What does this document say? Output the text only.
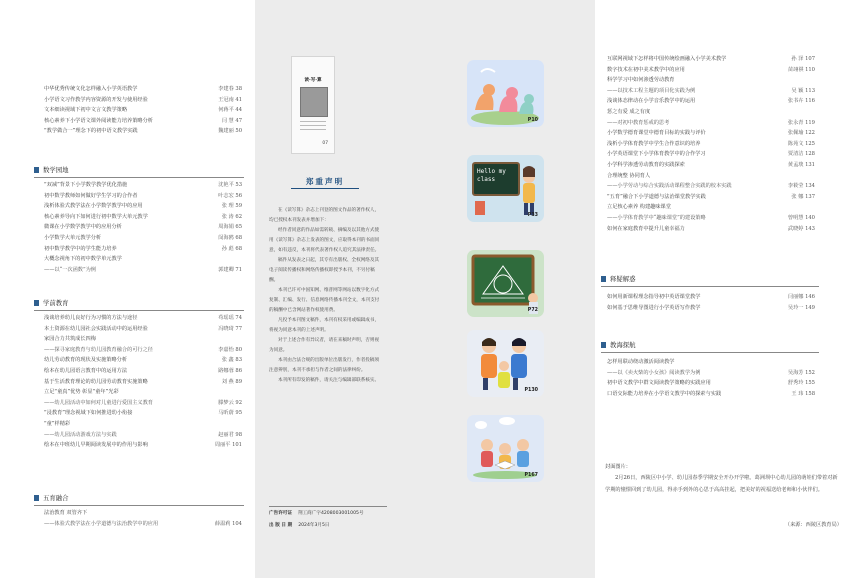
中华优秀传统文化怎样融入小学英语教学	李建春 38
小学语文习作教学内容资源的开发与使用经验	王冠南 41
文本细读视域下初中文言文教学策略	何蒋平 44
核心素养下小学语文课外阅读能力培养策略分析	闫 慧 47
“教学做合一”理念下的初中语文教学实践	魏建丽 50
数学园地
“双减”背景下小学数学教学优化措施	沈艳平 53
初中数学教师如何做好学生学习的合作者	叶志宏 56
浅析体验式教学法在小学数学教学中的应用	张 理 59
核心素养导向下如何进行初中数学大单元教学	张 涛 62
微课在小学数学教学中的应用分析	周海娟 65
小学数学大单元教学分析	闵海鸥 68
初中数学教学中的学生能力培养	孙 彪 68
大概念视角下的初中数学单元教学
——以“一次函数”为例	郭建卿 71
学前教育
浅谈培养幼儿良好行为习惯的方法与途径	苟瑶瑶 74
本土资源在幼儿园社会实践活动中的运用经验	冯晓琦 77
家园合力共筑成长四梅
——探寻家庭教育与幼儿园教育融合的可行之径	李嘉怡 80
幼儿劳动教育的现状及实施策略分析	张 鑫 83
绘本在幼儿园语言教育中的运用方法	路娜蓉 86
基于生活教育理论的幼儿园劳动教育实施策略	刘 燕 89
立足“童真”优势 彰显“童年”光彩
——幼儿园活动中如何对儿童进行爱国主义教育	滕梦云 92
“浸教育”理念视域下如何推进幼小衔接	马昕蔚 95
“童”样精彩
——幼儿园活动游戏方法与实践	赵丽君 98
绘本在中班幼儿早期阅读发展中的作用与影响	周丽平 101
五育融合
法治教育 双管齐下
——体验式教学法在小学道德与法治教学中的应用	薛温莉 104
读·写·算
07
郑重声明

在《读写算》杂志上刊登的图文作品的著作权人，均已授权本刊发表并增加下：

经作者同意的作品如需转载、摘编及以其他方式使用《读写算》杂志上发表的图文，应取得本刊的书面同意，如有违反，本刊将代表著作权人追究其法律责任。

稿件从发表之日起，其专有出版权、全权网络及其电子阅读传播权和网络传播权即授予本刊，不另付稿酬。

本刊已许可中国知网、维普网等网站以数字化方式复制、汇编、发行、信息网络传播本刊全文，本刊支付的稿酬中已含网站著作权使用费。

凡投予本刊图文稿件，本刊有权采用或编辑成书，将视为同意本刊的上述声明。

对于上述合作有异议者，请在来稿时声明，否则视为同意。

本刊由合法合规的出版单位出版发行，作者投稿须注意辨别，本刊不承担与作者之间的法律纠纷。

本刊所有印发的稿件，请关注与编辑部联系核实。

广告许可证 荆工商广字4208003001005号
出 版 日 期 2024年3月5日
P10
Hello my class
P33
P72
P130
P167
互联网视域下怎样将中国传统绘画融入小学美术教学	孙 泽 107
数字技术在初中美术教学中的应用	苗翊祺 110
科学学习中如何渗透劳动教育
——以技术工程主题的项目化实践为例	吴 颖 113
浅谈体态律动在小学音乐教学中的运用	张书卉 116
惩之有爱 成之有度
——对初中教育惩戒的思考	张永青 119
小学数学德育课堂中德育目标的实践与评价	张佩瑜 122
浅析小学体育教学中学生合作意识的培养	陈苑文 125
小学英语课堂下小学体育教学中的合作学习	贾清洁 128
小学科学渗透劳动教育的实践探索	黄孟琰 131
合理统整 协同育人
——小学劳动与综合实践活动课程整合实践的校本实践	李筱莹 134
“五育”融合下小学道德与法治课堂教学实践	张 娜 137
立足核心素养 构建趣味课堂
——小学体育教学中“趣味课堂”的建设策略	曾明慧 140
如何在家庭教育中提升儿童幸福力	武晓婷 143
释疑解惑
如何用新课程理念指导初中英语课堂教学	闫丽娜 146
如何基于思维导图进行小学英语写作教学	吴玲一 149
教海探航
怎样用联动绕动激活阅读教学
——以《卖火柴的小女孩》阅读教学为例	吴海芳 152
初中语文教学中群文阅读教学策略的实践应用	舒秀玲 155
口语交际能力培养在小学语文教学中的探索与实践	王 玮 158
封面图片：

2月26日，西陵区中小学、幼儿园春季学期安全开办开学啦。葛洲坝中心幼儿园的萌娃们带着对新学期的憧憬回到了幼儿园，得赤手到外的心思于高高挂起，把美好的祝福送给老师和小伙伴们。

（来源：西陵区教育局）
